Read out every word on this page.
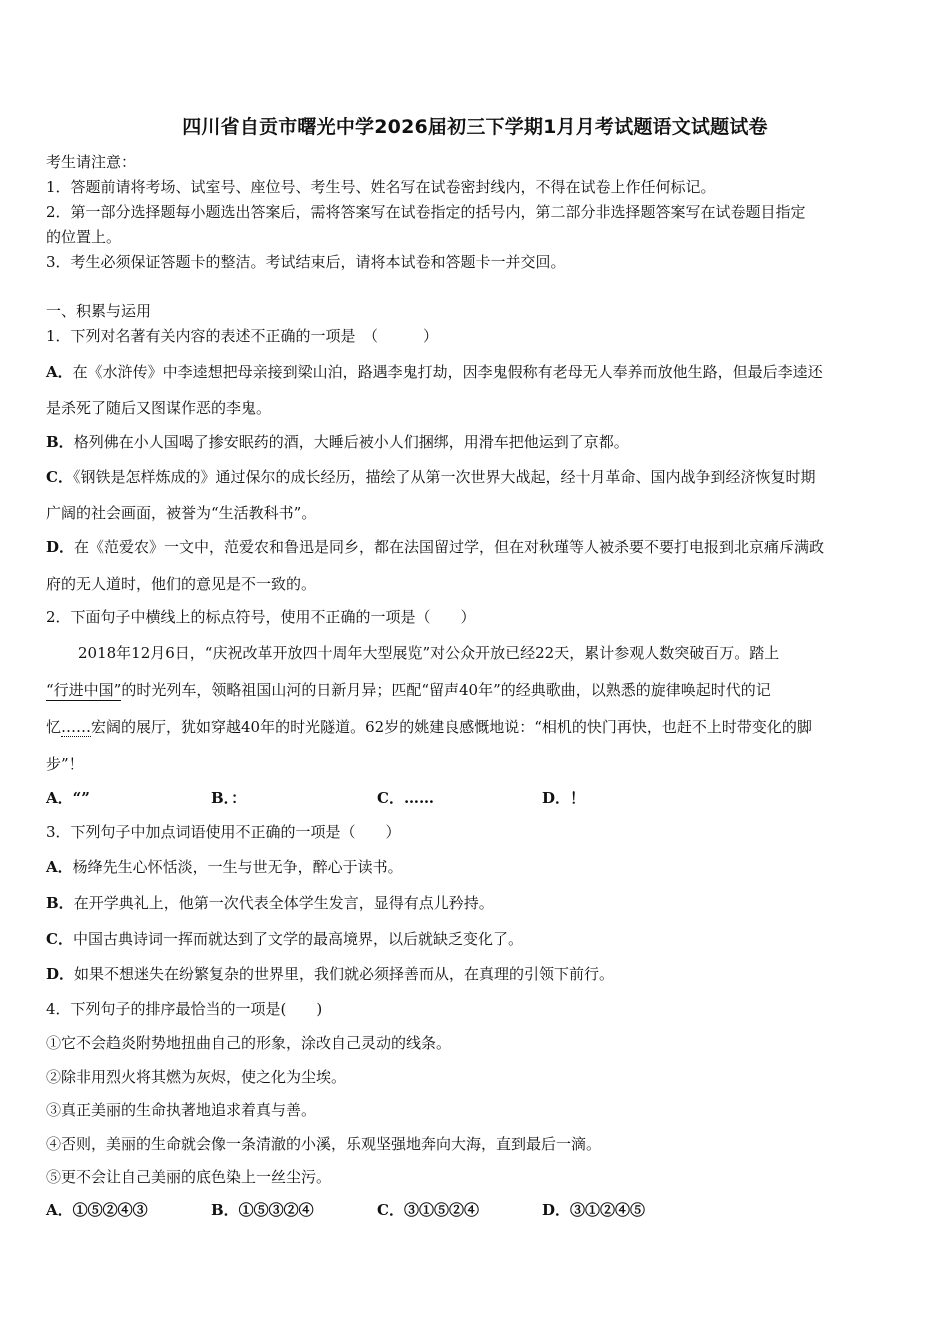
四川省自贡市曙光中学2026届初三下学期1月月考试题语文试题试卷
考生请注意：
1．答题前请将考场、试室号、座位号、考生号、姓名写在试卷密封线内，不得在试卷上作任何标记。
2．第一部分选择题每小题选出答案后，需将答案写在试卷指定的括号内，第二部分非选择题答案写在试卷题目指定
的位置上。
3．考生必须保证答题卡的整洁。考试结束后，请将本试卷和答题卡一并交回。
一、积累与运用
1．下列对名著有关内容的表述不正确的一项是　（　　　）
A．在《水浒传》中李逵想把母亲接到梁山泊，路遇李鬼打劫，因李鬼假称有老母无人奉养而放他生路，但最后李逵还
是杀死了随后又图谋作恶的李鬼。
B．格列佛在小人国喝了掺安眠药的酒，大睡后被小人们捆绑，用滑车把他运到了京都。
C．《钢铁是怎样炼成的》通过保尔的成长经历，描绘了从第一次世界大战起，经十月革命、国内战争到经济恢复时期
广阔的社会画面，被誉为“生活教科书”。
D．在《范爱农》一文中，范爱农和鲁迅是同乡，都在法国留过学，但在对秋瑾等人被杀要不要打电报到北京痛斥满政
府的无人道时，他们的意见是不一致的。
2．下面句子中横线上的标点符号，使用不正确的一项是（　　）
2018年12月6日，“庆祝改革开放四十周年大型展览”对公众开放已经22天，累计参观人数突破百万。踏上
“行进中国”的时光列车，领略祖国山河的日新月异；匹配“留声40年”的经典歌曲，以熟悉的旋律唤起时代的记
忆……宏阔的展厅，犹如穿越40年的时光隧道。62岁的姚建良感慨地说：“相机的快门再快，也赶不上时带变化的脚
步”！
A．“”	B．：	C．……	D．！
3．下列句子中加点词语使用不正确的一项是（　　）
A．杨绛先生心怀恬淡，一生与世无争，醉心于读书。
B．在开学典礼上，他第一次代表全体学生发言，显得有点儿矜持。
C．中国古典诗词一挥而就达到了文学的最高境界，以后就缺乏变化了。
D．如果不想迷失在纷繁复杂的世界里，我们就必须择善而从，在真理的引领下前行。
4．下列句子的排序最恰当的一项是(　　)
①它不会趋炎附势地扭曲自己的形象，涂改自己灵动的线条。
②除非用烈火将其燃为灰烬，使之化为尘埃。
③真正美丽的生命执著地追求着真与善。
④否则，美丽的生命就会像一条清澈的小溪，乐观坚强地奔向大海，直到最后一滴。
⑤更不会让自己美丽的底色染上一丝尘污。
A．①⑤②④③	B．①⑤③②④	C．③①⑤②④	D．③①②④⑤
